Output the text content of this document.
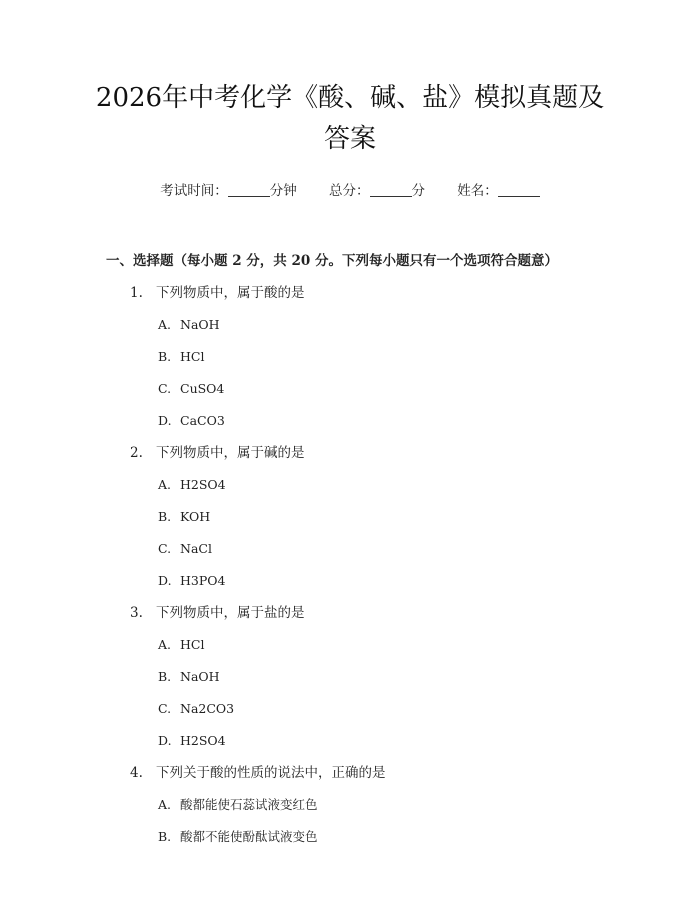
2026年中考化学《酸、碱、盐》模拟真题及
答案
考试时间：	分钟 总分：	分 姓名：
一、选择题（每小题 2 分，共 20 分。下列每小题只有一个选项符合题意）
1. 下列物质中，属于酸的是
A. NaOH
B. HCl
C. CuSO4
D. CaCO3
2. 下列物质中，属于碱的是
A. H2SO4
B. KOH
C. NaCl
D. H3PO4
3. 下列物质中，属于盐的是
A. HCl
B. NaOH
C. Na2CO3
D. H2SO4
4. 下列关于酸的性质的说法中，正确的是
A. 酸都能使石蕊试液变红色
B. 酸都不能使酚酞试液变色
